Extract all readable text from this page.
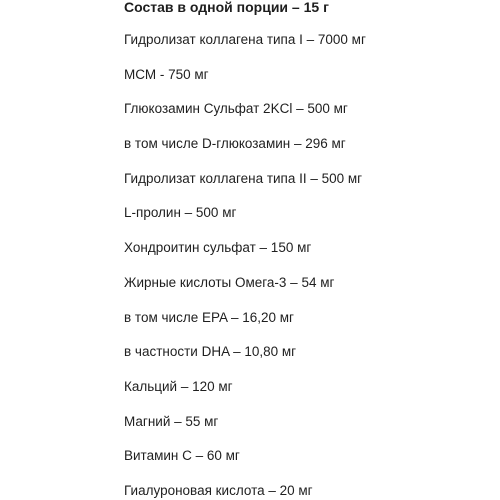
Состав в одной порции – 15 г
Гидролизат коллагена типа I – 7000 мг
МСМ - 750 мг
Глюкозамин Сульфат 2KCl – 500 мг
в том числе D-глюкозамин – 296 мг
Гидролизат коллагена типа II – 500 мг
L-пролин – 500 мг
Хондроитин сульфат – 150 мг
Жирные кислоты Омега-3 – 54 мг
в том числе EPA – 16,20 мг
в частности DHA – 10,80 мг
Кальций – 120 мг
Магний – 55 мг
Витамин С – 60 мг
Гиалуроновая кислота – 20 мг
